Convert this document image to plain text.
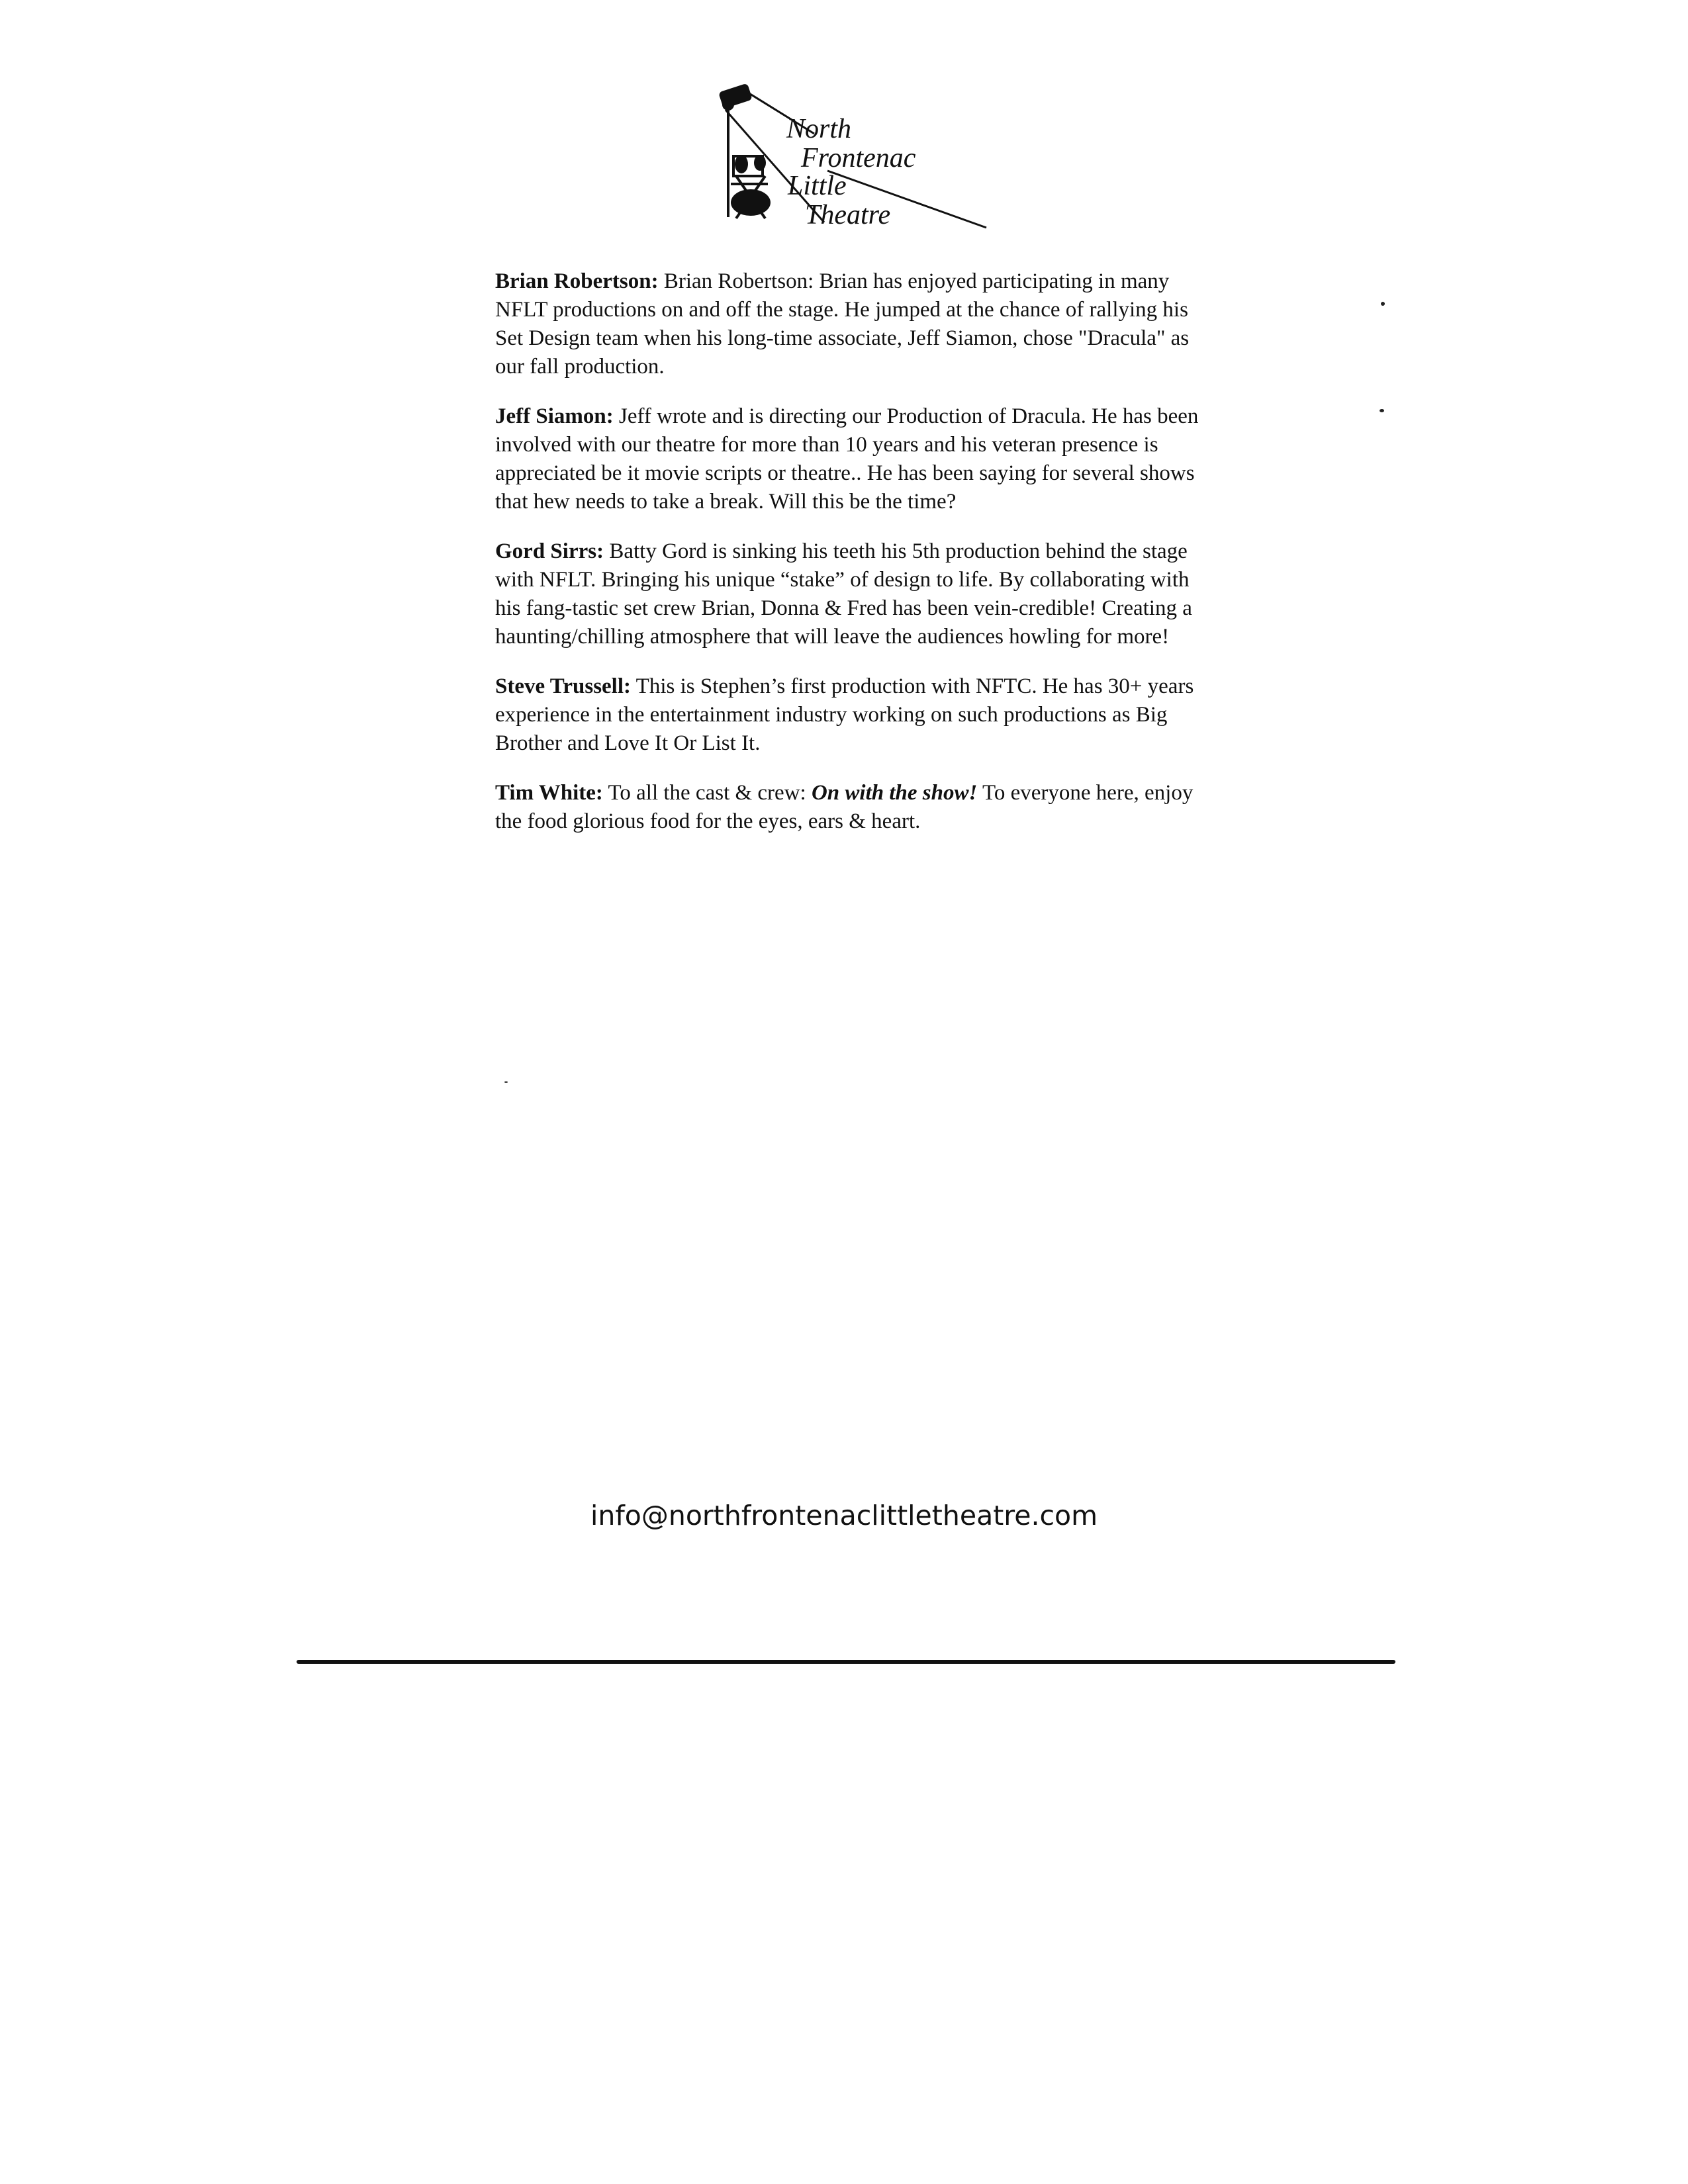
North
Frontenac
Little
Theatre

Brian Robertson: Brian Robertson: Brian has enjoyed participating in many NFLT productions on and off the stage. He jumped at the chance of rallying his Set Design team when his long-time associate, Jeff Siamon, chose "Dracula" as our fall production.

Jeff Siamon: Jeff wrote and is directing our Production of Dracula. He has been involved with our theatre for more than 10 years and his veteran presence is appreciated be it movie scripts or theatre.. He has been saying for several shows that hew needs to take a break. Will this be the time?

Gord Sirrs: Batty Gord is sinking his teeth his 5th production behind the stage with NFLT. Bringing his unique “stake” of design to life. By collaborating with his fang-tastic set crew Brian, Donna & Fred has been vein-credible! Creating a haunting/chilling atmosphere that will leave the audiences howling for more!

Steve Trussell: This is Stephen’s first production with NFTC. He has 30+ years experience in the entertainment industry working on such productions as Big Brother and Love It Or List It.

Tim White: To all the cast & crew: On with the show! To everyone here, enjoy the food glorious food for the eyes, ears & heart.

info@northfrontenaclittletheatre.com
